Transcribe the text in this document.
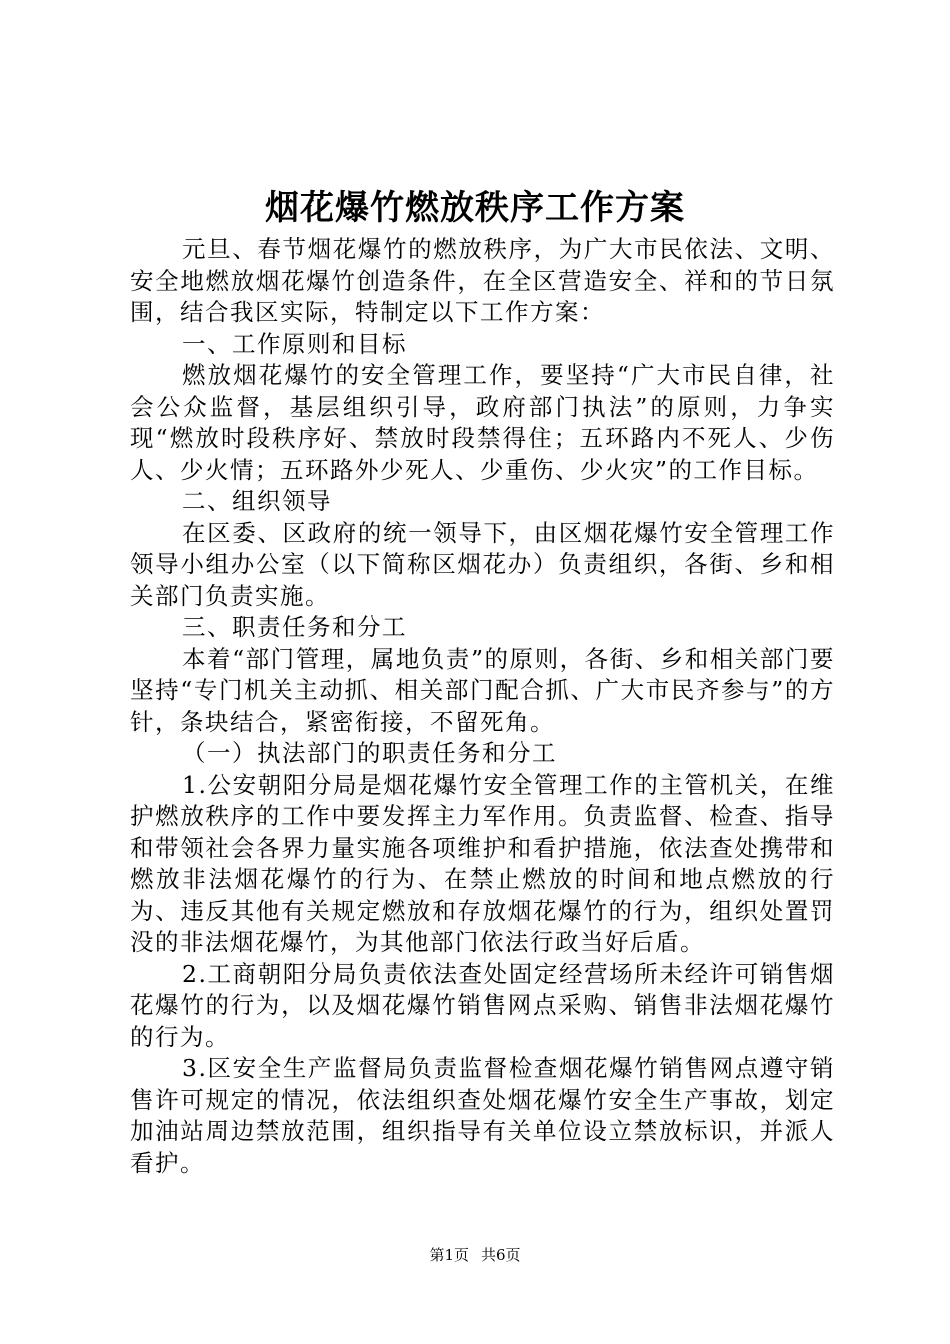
烟花爆竹燃放秩序工作方案

元旦、春节烟花爆竹的燃放秩序，为广大市民依法、文明、安全地燃放烟花爆竹创造条件，在全区营造安全、祥和的节日氛围，结合我区实际，特制定以下工作方案：

一、工作原则和目标

燃放烟花爆竹的安全管理工作，要坚持“广大市民自律，社会公众监督，基层组织引导，政府部门执法”的原则，力争实现“燃放时段秩序好、禁放时段禁得住；五环路内不死人、少伤人、少火情；五环路外少死人、少重伤、少火灾”的工作目标。

二、组织领导

在区委、区政府的统一领导下，由区烟花爆竹安全管理工作领导小组办公室（以下简称区烟花办）负责组织，各街、乡和相关部门负责实施。

三、职责任务和分工

本着“部门管理，属地负责”的原则，各街、乡和相关部门要坚持“专门机关主动抓、相关部门配合抓、广大市民齐参与”的方针，条块结合，紧密衔接，不留死角。

（一）执法部门的职责任务和分工

1.公安朝阳分局是烟花爆竹安全管理工作的主管机关，在维护燃放秩序的工作中要发挥主力军作用。负责监督、检查、指导和带领社会各界力量实施各项维护和看护措施，依法查处携带和燃放非法烟花爆竹的行为、在禁止燃放的时间和地点燃放的行为、违反其他有关规定燃放和存放烟花爆竹的行为，组织处置罚没的非法烟花爆竹，为其他部门依法行政当好后盾。

2.工商朝阳分局负责依法查处固定经营场所未经许可销售烟花爆竹的行为，以及烟花爆竹销售网点采购、销售非法烟花爆竹的行为。

3.区安全生产监督局负责监督检查烟花爆竹销售网点遵守销售许可规定的情况，依法组织查处烟花爆竹安全生产事故，划定加油站周边禁放范围，组织指导有关单位设立禁放标识，并派人看护。

第1页 共6页
